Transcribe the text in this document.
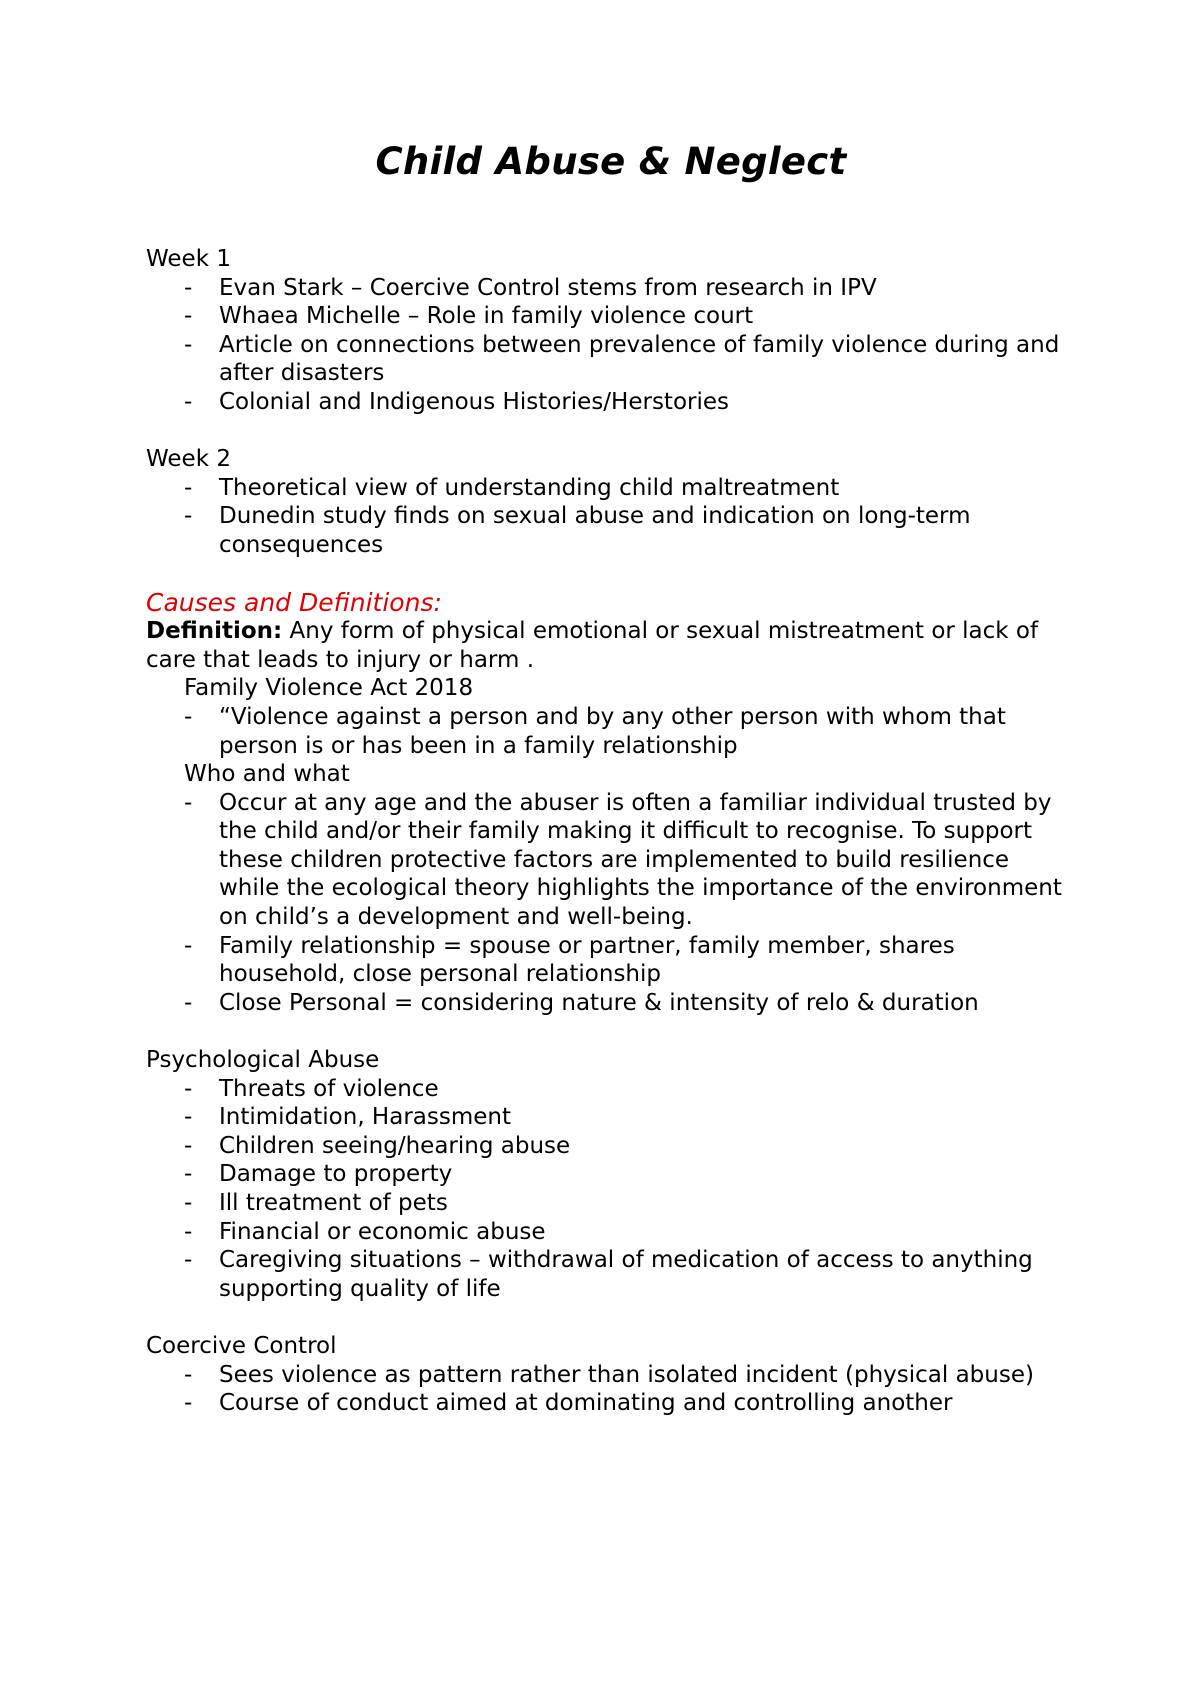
Child Abuse & Neglect
Week 1
- Evan Stark – Coercive Control stems from research in IPV
- Whaea Michelle – Role in family violence court
- Article on connections between prevalence of family violence during and after disasters
- Colonial and Indigenous Histories/Herstories
Week 2
- Theoretical view of understanding child maltreatment
- Dunedin study finds on sexual abuse and indication on long-term consequences
Causes and Definitions:
Definition: Any form of physical emotional or sexual mistreatment or lack of care that leads to injury or harm .
Family Violence Act 2018
- “Violence against a person and by any other person with whom that person is or has been in a family relationship
Who and what
- Occur at any age and the abuser is often a familiar individual trusted by the child and/or their family making it difficult to recognise. To support these children protective factors are implemented to build resilience while the ecological theory highlights the importance of the environment on child’s a development and well-being.
- Family relationship = spouse or partner, family member, shares household, close personal relationship
- Close Personal = considering nature & intensity of relo & duration
Psychological Abuse
- Threats of violence
- Intimidation, Harassment
- Children seeing/hearing abuse
- Damage to property
- Ill treatment of pets
- Financial or economic abuse
- Caregiving situations – withdrawal of medication of access to anything supporting quality of life
Coercive Control
- Sees violence as pattern rather than isolated incident (physical abuse)
- Course of conduct aimed at dominating and controlling another
